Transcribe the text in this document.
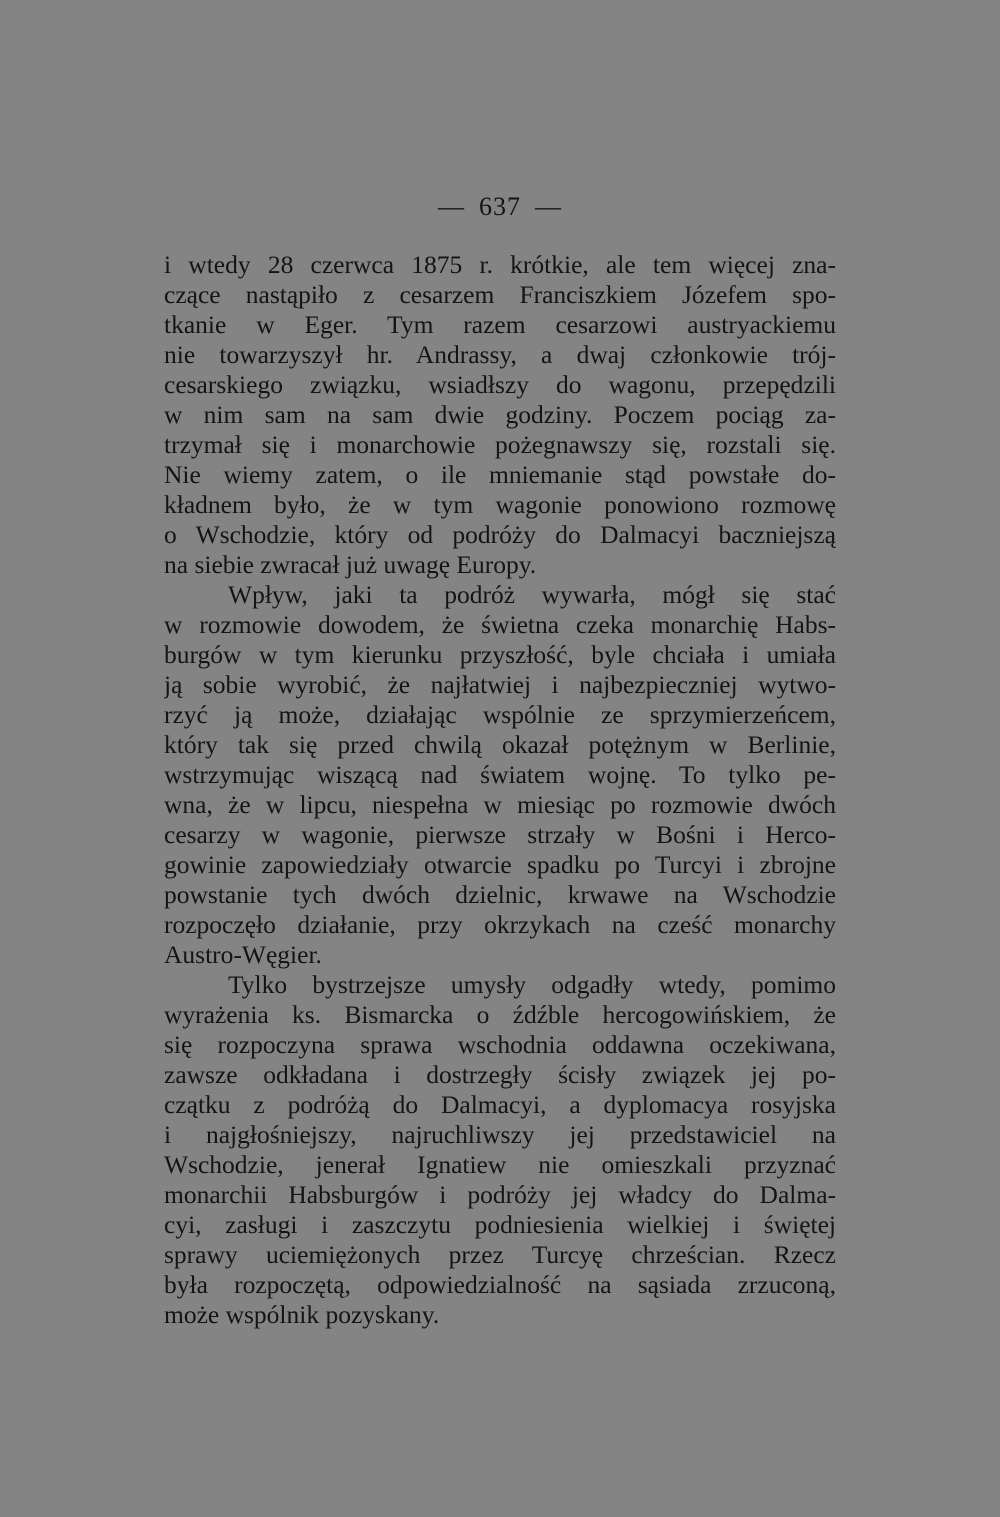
— 637 —
i wtedy 28 czerwca 1875 r. krótkie, ale tem więcej zna-
czące nastąpiło z cesarzem Franciszkiem Józefem spo-
tkanie w Eger. Tym razem cesarzowi austryackiemu
nie towarzyszył hr. Andrassy, a dwaj członkowie trój-
cesarskiego związku, wsiadłszy do wagonu, przepędzili
w nim sam na sam dwie godziny. Poczem pociąg za-
trzymał się i monarchowie pożegnawszy się, rozstali się.
Nie wiemy zatem, o ile mniemanie stąd powstałe do-
kładnem było, że w tym wagonie ponowiono rozmowę
o Wschodzie, który od podróży do Dalmacyi baczniejszą
na siebie zwracał już uwagę Europy.
Wpływ, jaki ta podróż wywarła, mógł się stać
w rozmowie dowodem, że świetna czeka monarchię Habs-
burgów w tym kierunku przyszłość, byle chciała i umiała
ją sobie wyrobić, że najłatwiej i najbezpieczniej wytwo-
rzyć ją może, działając wspólnie ze sprzymierzeńcem,
który tak się przed chwilą okazał potężnym w Berlinie,
wstrzymując wiszącą nad światem wojnę. To tylko pe-
wna, że w lipcu, niespełna w miesiąc po rozmowie dwóch
cesarzy w wagonie, pierwsze strzały w Bośni i Herco-
gowinie zapowiedziały otwarcie spadku po Turcyi i zbrojne
powstanie tych dwóch dzielnic, krwawe na Wschodzie
rozpoczęło działanie, przy okrzykach na cześć monarchy
Austro-Węgier.
Tylko bystrzejsze umysły odgadły wtedy, pomimo
wyrażenia ks. Bismarcka o źdźble hercogowińskiem, że
się rozpoczyna sprawa wschodnia oddawna oczekiwana,
zawsze odkładana i dostrzegły ścisły związek jej po-
czątku z podróżą do Dalmacyi, a dyplomacya rosyjska
i najgłośniejszy, najruchliwszy jej przedstawiciel na
Wschodzie, jenerał Ignatiew nie omieszkali przyznać
monarchii Habsburgów i podróży jej władcy do Dalma-
cyi, zasługi i zaszczytu podniesienia wielkiej i świętej
sprawy uciemiężonych przez Turcyę chrześcian. Rzecz
była rozpoczętą, odpowiedzialność na sąsiada zrzuconą,
może wspólnik pozyskany.
